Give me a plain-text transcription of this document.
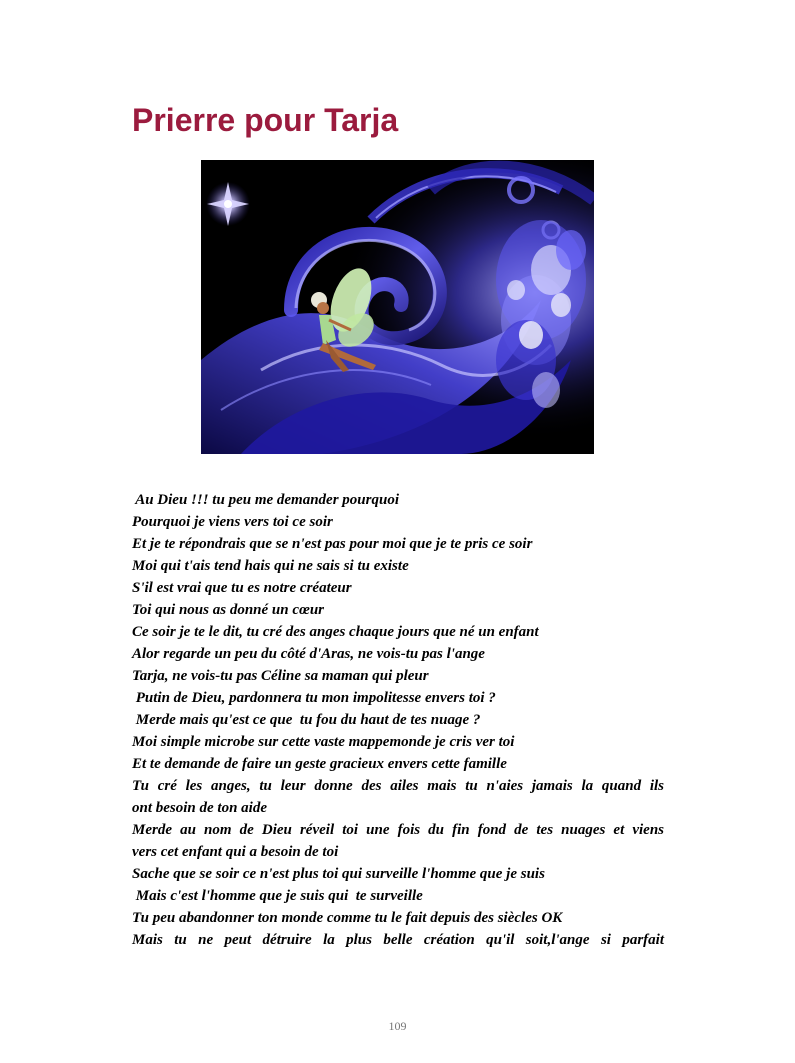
Prierre pour Tarja
Au Dieu !!! tu peu me demander pourquoi
Pourquoi je viens vers toi ce soir
Et je te répondrais que se n'est pas pour moi que je te pris ce soir
Moi qui t'ais tend hais qui ne sais si tu existe
S'il est vrai que tu es notre créateur
Toi qui nous as donné un cœur
Ce soir je te le dit, tu cré des anges chaque jours que né un enfant
Alor regarde un peu du côté d'Aras, ne vois-tu pas l'ange
Tarja, ne vois-tu pas Céline sa maman qui pleur
Putin de Dieu, pardonnera tu mon impolitesse envers toi ?
Merde mais qu'est ce que  tu fou du haut de tes nuage ?
Moi simple microbe sur cette vaste mappemonde je cris ver toi
Et te demande de faire un geste gracieux envers cette famille
Tu cré les anges, tu leur donne des ailes mais tu n'aies jamais la quand ils
ont besoin de ton aide
Merde au nom de Dieu réveil toi une fois du fin fond de tes nuages et viens
vers cet enfant qui a besoin de toi
Sache que se soir ce n'est plus toi qui surveille l'homme que je suis
Mais c'est l'homme que je suis qui  te surveille
Tu peu abandonner ton monde comme tu le fait depuis des siècles OK
Mais tu ne peut détruire la plus belle création qu'il soit,l'ange si parfait
109
